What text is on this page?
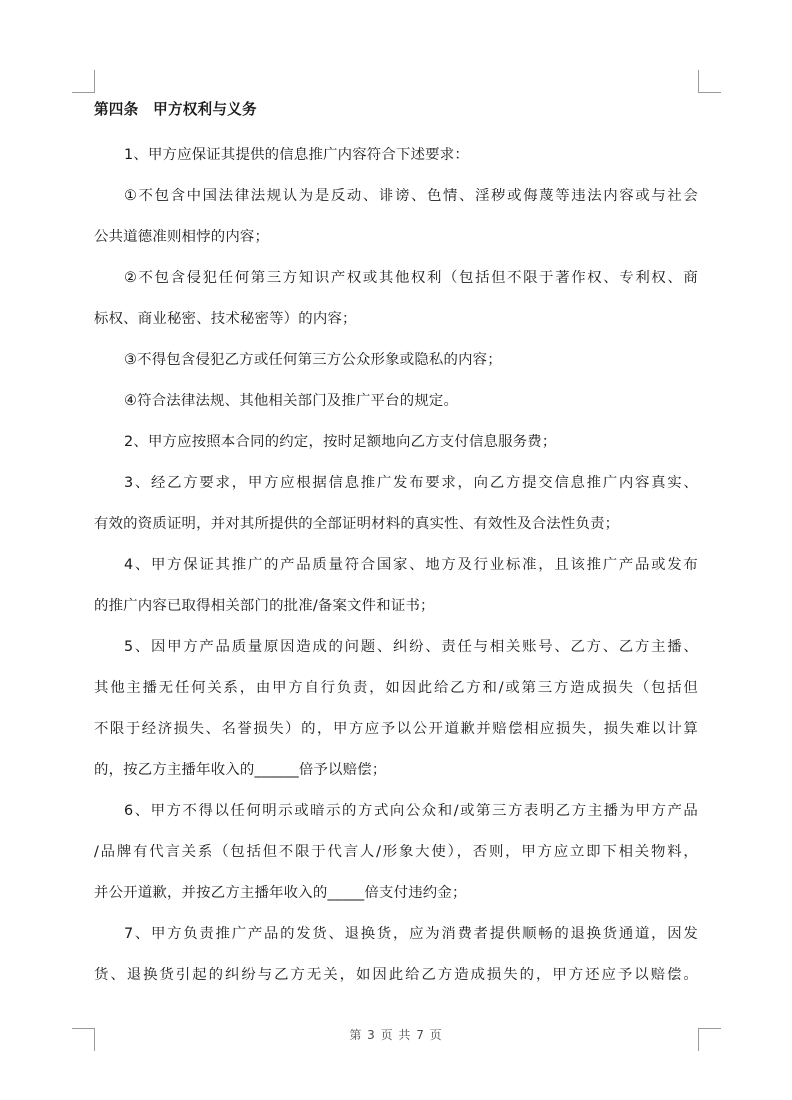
第四条　甲方权利与义务
1、甲方应保证其提供的信息推广内容符合下述要求：
①不包含中国法律法规认为是反动、诽谤、色情、淫秽或侮蔑等违法内容或与社会
公共道德准则相悖的内容；
②不包含侵犯任何第三方知识产权或其他权利（包括但不限于著作权、专利权、商
标权、商业秘密、技术秘密等）的内容；
③不得包含侵犯乙方或任何第三方公众形象或隐私的内容；
④符合法律法规、其他相关部门及推广平台的规定。
2、甲方应按照本合同的约定，按时足额地向乙方支付信息服务费；
3、经乙方要求，甲方应根据信息推广发布要求，向乙方提交信息推广内容真实、
有效的资质证明，并对其所提供的全部证明材料的真实性、有效性及合法性负责；
4、甲方保证其推广的产品质量符合国家、地方及行业标准，且该推广产品或发布
的推广内容已取得相关部门的批准/备案文件和证书；
5、因甲方产品质量原因造成的问题、纠纷、责任与相关账号、乙方、乙方主播、
其他主播无任何关系，由甲方自行负责，如因此给乙方和/或第三方造成损失（包括但
不限于经济损失、名誉损失）的，甲方应予以公开道歉并赔偿相应损失，损失难以计算
的，按乙方主播年收入的______倍予以赔偿；
6、甲方不得以任何明示或暗示的方式向公众和/或第三方表明乙方主播为甲方产品
/品牌有代言关系（包括但不限于代言人/形象大使），否则，甲方应立即下相关物料，
并公开道歉，并按乙方主播年收入的_____倍支付违约金；
7、甲方负责推广产品的发货、退换货，应为消费者提供顺畅的退换货通道，因发
货、退换货引起的纠纷与乙方无关，如因此给乙方造成损失的，甲方还应予以赔偿。
第 3 页 共 7 页
